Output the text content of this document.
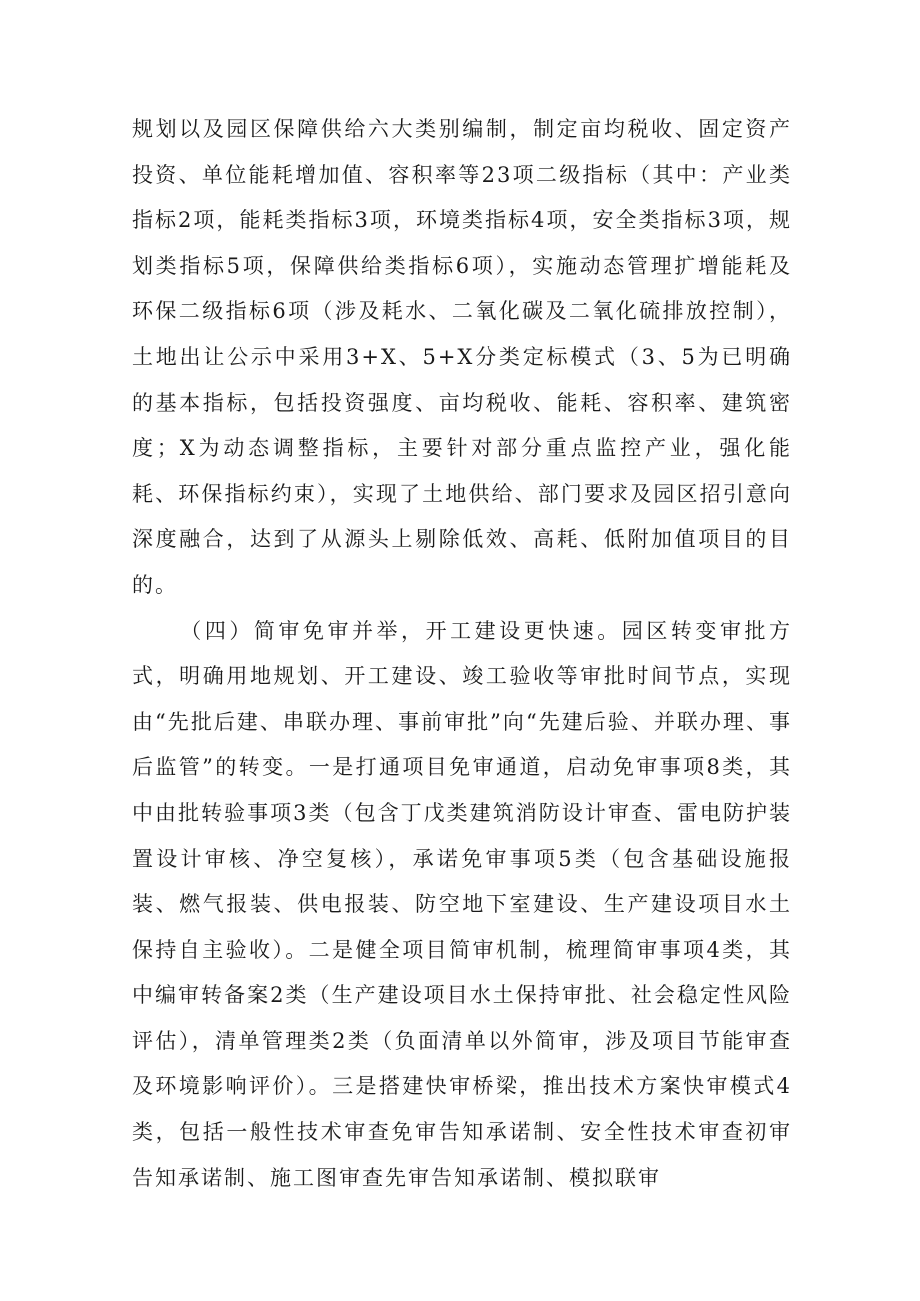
规划以及园区保障供给六大类别编制，制定亩均税收、固定资产投资、单位能耗增加值、容积率等23项二级指标（其中：产业类指标2项，能耗类指标3项，环境类指标4项，安全类指标3项，规划类指标5项，保障供给类指标6项），实施动态管理扩增能耗及环保二级指标6项（涉及耗水、二氧化碳及二氧化硫排放控制），土地出让公示中采用3+X、5+X分类定标模式（3、5为已明确的基本指标，包括投资强度、亩均税收、能耗、容积率、建筑密度；X为动态调整指标，主要针对部分重点监控产业，强化能耗、环保指标约束），实现了土地供给、部门要求及园区招引意向深度融合，达到了从源头上剔除低效、高耗、低附加值项目的目的。

（四）简审免审并举，开工建设更快速。园区转变审批方式，明确用地规划、开工建设、竣工验收等审批时间节点，实现由“先批后建、串联办理、事前审批”向“先建后验、并联办理、事后监管”的转变。一是打通项目免审通道，启动免审事项8类，其中由批转验事项3类（包含丁戊类建筑消防设计审查、雷电防护装置设计审核、净空复核），承诺免审事项5类（包含基础设施报装、燃气报装、供电报装、防空地下室建设、生产建设项目水土保持自主验收）。二是健全项目简审机制，梳理简审事项4类，其中编审转备案2类（生产建设项目水土保持审批、社会稳定性风险评估），清单管理类2类（负面清单以外简审，涉及项目节能审查及环境影响评价）。三是搭建快审桥梁，推出技术方案快审模式4类，包括一般性技术审查免审告知承诺制、安全性技术审查初审告知承诺制、施工图审查先审告知承诺制、模拟联审
